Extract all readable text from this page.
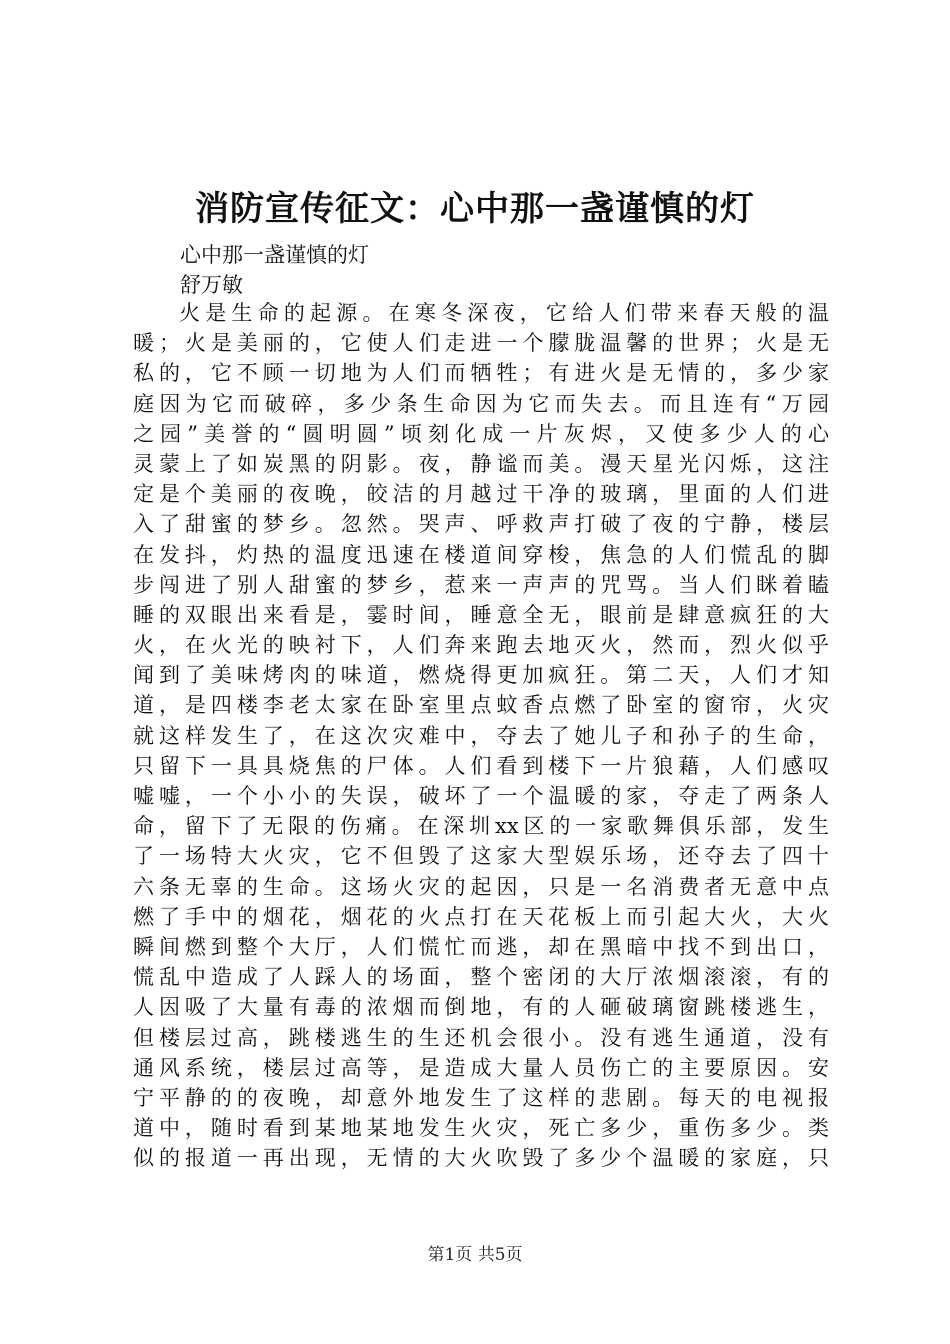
消防宣传征文：心中那一盏谨慎的灯
心中那一盏谨慎的灯
舒万敏
火是生命的起源。在寒冬深夜，它给人们带来春天般的温
暖；火是美丽的，它使人们走进一个朦胧温馨的世界；火是无
私的，它不顾一切地为人们而牺牲；有进火是无情的，多少家
庭因为它而破碎，多少条生命因为它而失去。而且连有“万园
之园”美誉的“圆明圆”顷刻化成一片灰烬，又使多少人的心
灵蒙上了如炭黑的阴影。夜，静谧而美。漫天星光闪烁，这注
定是个美丽的夜晚，皎洁的月越过干净的玻璃，里面的人们进
入了甜蜜的梦乡。忽然。哭声、呼救声打破了夜的宁静，楼层
在发抖，灼热的温度迅速在楼道间穿梭，焦急的人们慌乱的脚
步闯进了别人甜蜜的梦乡，惹来一声声的咒骂。当人们眯着瞌
睡的双眼出来看是，霎时间，睡意全无，眼前是肆意疯狂的大
火，在火光的映衬下，人们奔来跑去地灭火，然而，烈火似乎
闻到了美味烤肉的味道，燃烧得更加疯狂。第二天，人们才知
道，是四楼李老太家在卧室里点蚊香点燃了卧室的窗帘，火灾
就这样发生了，在这次灾难中，夺去了她儿子和孙子的生命，
只留下一具具烧焦的尸体。人们看到楼下一片狼藉，人们感叹
嘘嘘，一个小小的失误，破坏了一个温暖的家，夺走了两条人
命，留下了无限的伤痛。在深圳xx区的一家歌舞俱乐部，发生
了一场特大火灾，它不但毁了这家大型娱乐场，还夺去了四十
六条无辜的生命。这场火灾的起因，只是一名消费者无意中点
燃了手中的烟花，烟花的火点打在天花板上而引起大火，大火
瞬间燃到整个大厅，人们慌忙而逃，却在黑暗中找不到出口，
慌乱中造成了人踩人的场面，整个密闭的大厅浓烟滚滚，有的
人因吸了大量有毒的浓烟而倒地，有的人砸破璃窗跳楼逃生，
但楼层过高，跳楼逃生的生还机会很小。没有逃生通道，没有
通风系统，楼层过高等，是造成大量人员伤亡的主要原因。安
宁平静的的夜晚，却意外地发生了这样的悲剧。每天的电视报
道中，随时看到某地某地发生火灾，死亡多少，重伤多少。类
似的报道一再出现，无情的大火吹毁了多少个温暖的家庭，只
第1页 共5页
